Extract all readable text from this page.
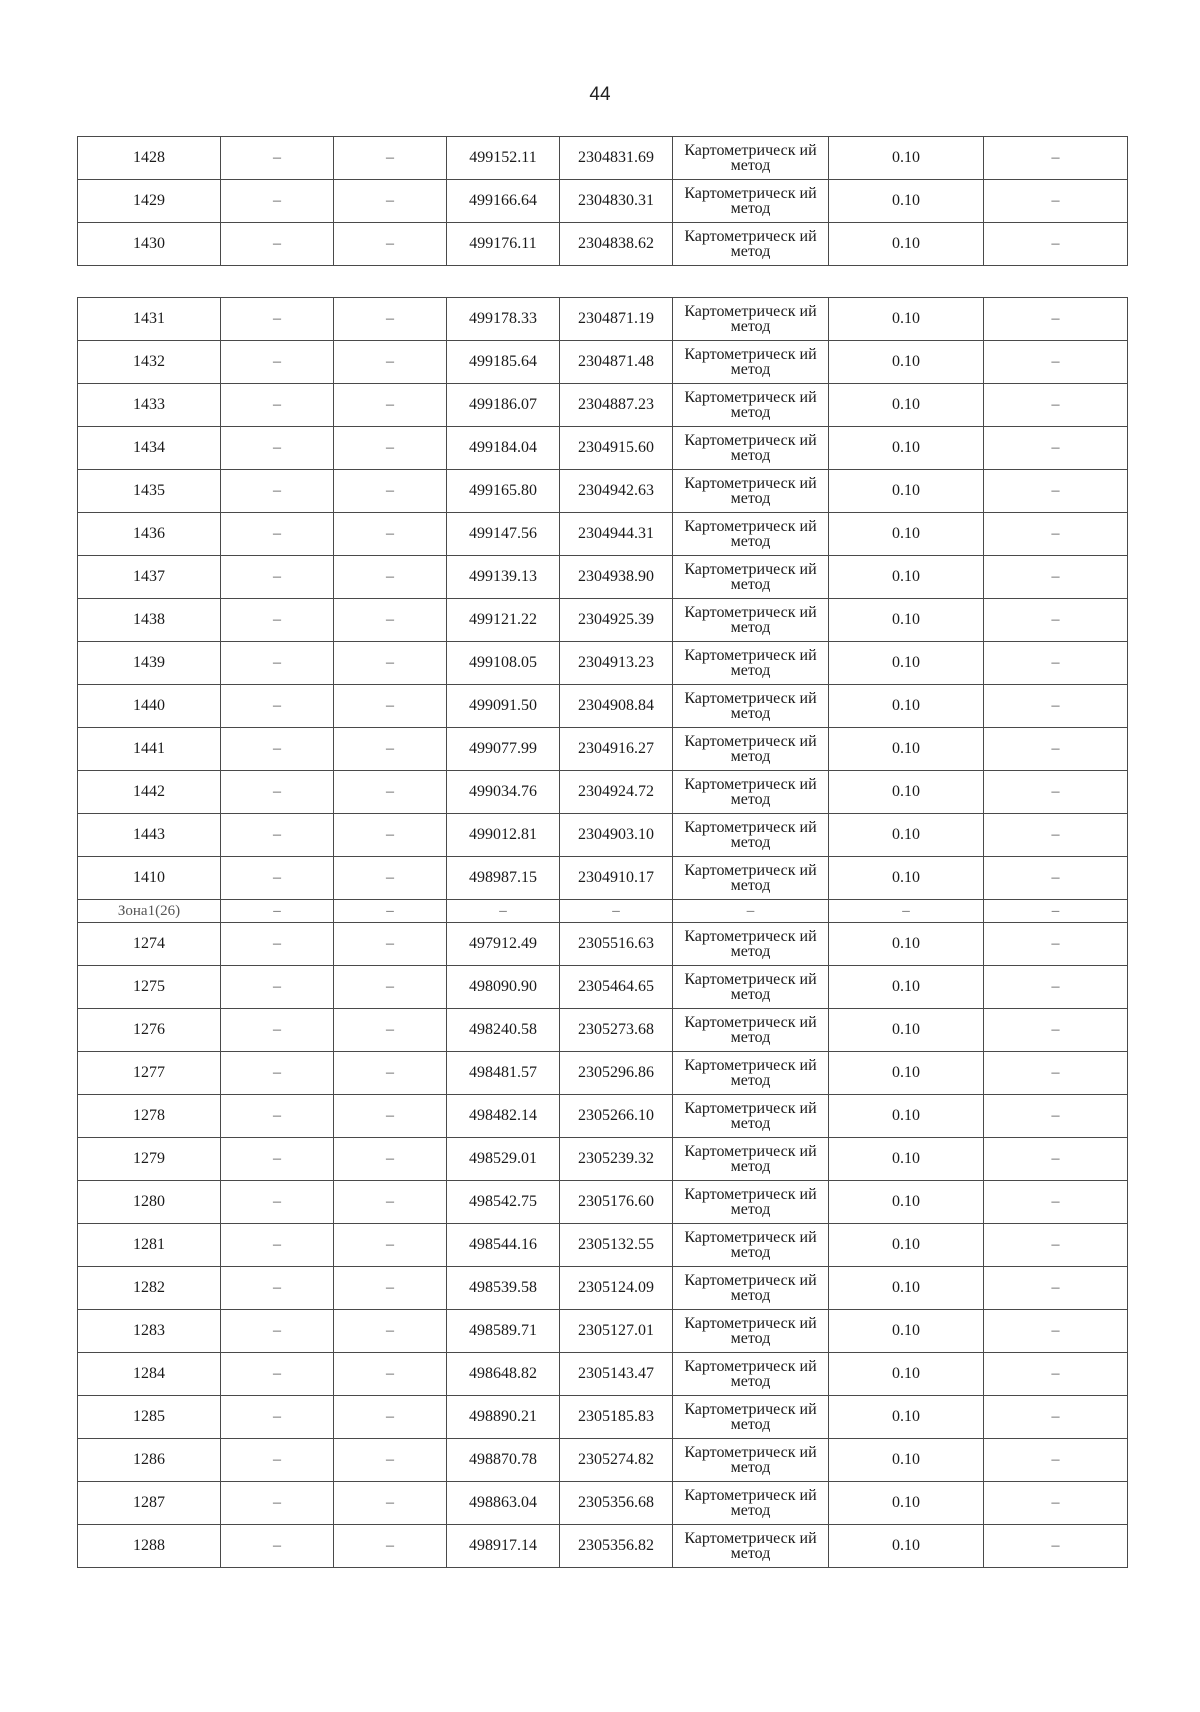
44
1428	–	–	499152.11	2304831.69	Картометрическ ий метод	0.10	–
1429	–	–	499166.64	2304830.31	Картометрическ ий метод	0.10	–
1430	–	–	499176.11	2304838.62	Картометрическ ий метод	0.10	–
1431	–	–	499178.33	2304871.19	Картометрическ ий метод	0.10	–
1432	–	–	499185.64	2304871.48	Картометрическ ий метод	0.10	–
1433	–	–	499186.07	2304887.23	Картометрическ ий метод	0.10	–
1434	–	–	499184.04	2304915.60	Картометрическ ий метод	0.10	–
1435	–	–	499165.80	2304942.63	Картометрическ ий метод	0.10	–
1436	–	–	499147.56	2304944.31	Картометрическ ий метод	0.10	–
1437	–	–	499139.13	2304938.90	Картометрическ ий метод	0.10	–
1438	–	–	499121.22	2304925.39	Картометрическ ий метод	0.10	–
1439	–	–	499108.05	2304913.23	Картометрическ ий метод	0.10	–
1440	–	–	499091.50	2304908.84	Картометрическ ий метод	0.10	–
1441	–	–	499077.99	2304916.27	Картометрическ ий метод	0.10	–
1442	–	–	499034.76	2304924.72	Картометрическ ий метод	0.10	–
1443	–	–	499012.81	2304903.10	Картометрическ ий метод	0.10	–
1410	–	–	498987.15	2304910.17	Картометрическ ий метод	0.10	–
Зона1(26)	–	–	–	–	–	–	–
1274	–	–	497912.49	2305516.63	Картометрическ ий метод	0.10	–
1275	–	–	498090.90	2305464.65	Картометрическ ий метод	0.10	–
1276	–	–	498240.58	2305273.68	Картометрическ ий метод	0.10	–
1277	–	–	498481.57	2305296.86	Картометрическ ий метод	0.10	–
1278	–	–	498482.14	2305266.10	Картометрическ ий метод	0.10	–
1279	–	–	498529.01	2305239.32	Картометрическ ий метод	0.10	–
1280	–	–	498542.75	2305176.60	Картометрическ ий метод	0.10	–
1281	–	–	498544.16	2305132.55	Картометрическ ий метод	0.10	–
1282	–	–	498539.58	2305124.09	Картометрическ ий метод	0.10	–
1283	–	–	498589.71	2305127.01	Картометрическ ий метод	0.10	–
1284	–	–	498648.82	2305143.47	Картометрическ ий метод	0.10	–
1285	–	–	498890.21	2305185.83	Картометрическ ий метод	0.10	–
1286	–	–	498870.78	2305274.82	Картометрическ ий метод	0.10	–
1287	–	–	498863.04	2305356.68	Картометрическ ий метод	0.10	–
1288	–	–	498917.14	2305356.82	Картометрическ ий метод	0.10	–
